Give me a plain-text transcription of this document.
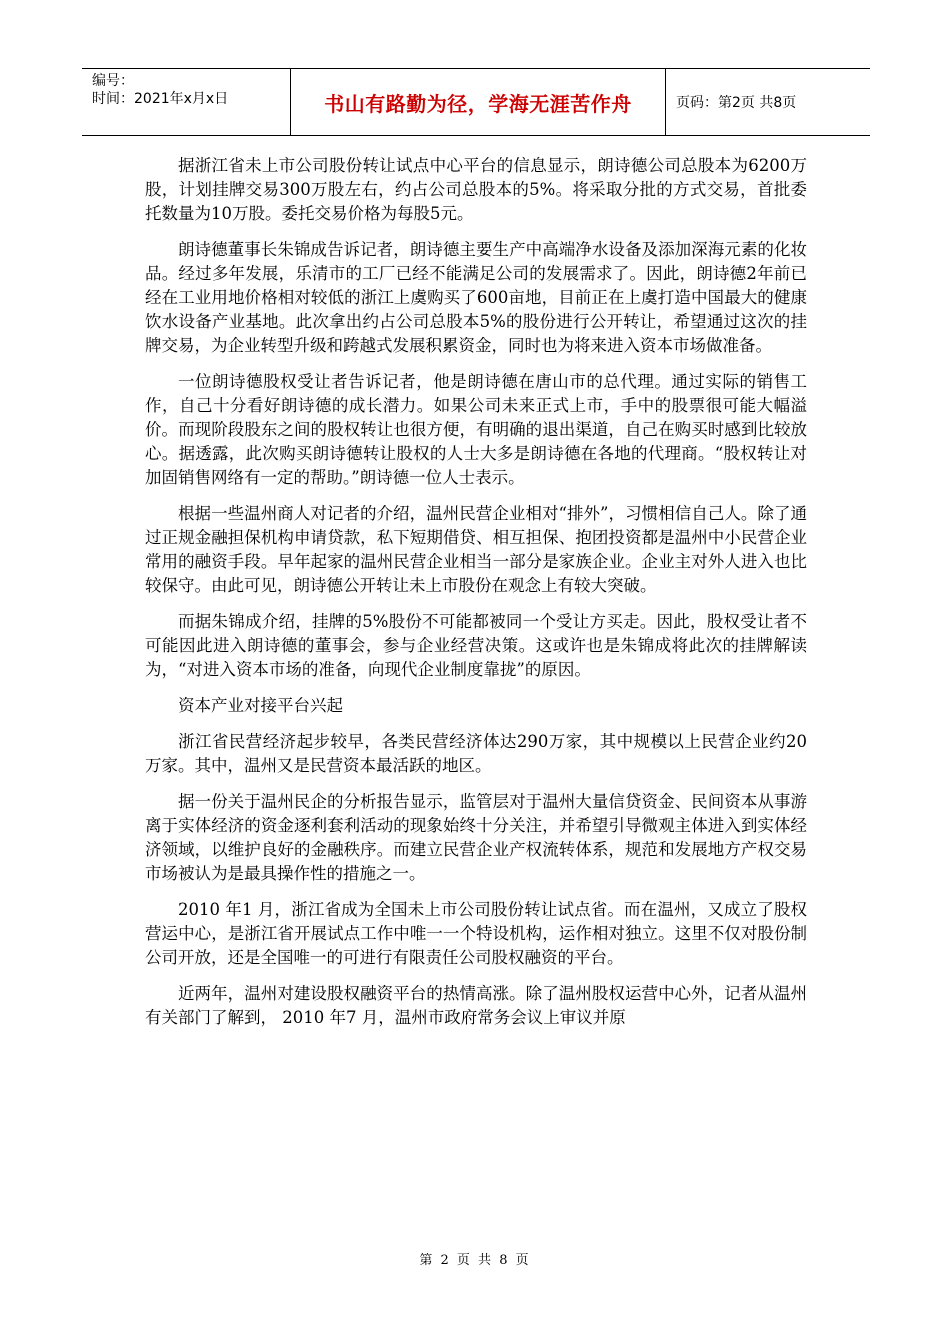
编号：
时间：2021年x月x日	书山有路勤为径，学海无涯苦作舟	页码：第2页 共8页

据浙江省未上市公司股份转让试点中心平台的信息显示，朗诗德公司总股本为6200万股，计划挂牌交易300万股左右，约占公司总股本的5%。将采取分批的方式交易，首批委托数量为10万股。委托交易价格为每股5元。

朗诗德董事长朱锦成告诉记者，朗诗德主要生产中高端净水设备及添加深海元素的化妆品。经过多年发展，乐清市的工厂已经不能满足公司的发展需求了。因此，朗诗德2年前已经在工业用地价格相对较低的浙江上虞购买了600亩地，目前正在上虞打造中国最大的健康饮水设备产业基地。此次拿出约占公司总股本5%的股份进行公开转让，希望通过这次的挂牌交易，为企业转型升级和跨越式发展积累资金，同时也为将来进入资本市场做准备。

一位朗诗德股权受让者告诉记者，他是朗诗德在唐山市的总代理。通过实际的销售工作，自己十分看好朗诗德的成长潜力。如果公司未来正式上市，手中的股票很可能大幅溢价。而现阶段股东之间的股权转让也很方便，有明确的退出渠道，自己在购买时感到比较放心。据透露，此次购买朗诗德转让股权的人士大多是朗诗德在各地的代理商。“股权转让对加固销售网络有一定的帮助。”朗诗德一位人士表示。

根据一些温州商人对记者的介绍，温州民营企业相对“排外”，习惯相信自己人。除了通过正规金融担保机构申请贷款，私下短期借贷、相互担保、抱团投资都是温州中小民营企业常用的融资手段。早年起家的温州民营企业相当一部分是家族企业。企业主对外人进入也比较保守。由此可见，朗诗德公开转让未上市股份在观念上有较大突破。

而据朱锦成介绍，挂牌的5%股份不可能都被同一个受让方买走。因此，股权受让者不可能因此进入朗诗德的董事会，参与企业经营决策。这或许也是朱锦成将此次的挂牌解读为，“对进入资本市场的准备，向现代企业制度靠拢”的原因。

资本产业对接平台兴起

浙江省民营经济起步较早，各类民营经济体达290万家，其中规模以上民营企业约20万家。其中，温州又是民营资本最活跃的地区。

据一份关于温州民企的分析报告显示，监管层对于温州大量信贷资金、民间资本从事游离于实体经济的资金逐利套利活动的现象始终十分关注，并希望引导微观主体进入到实体经济领域，以维护良好的金融秩序。而建立民营企业产权流转体系，规范和发展地方产权交易市场被认为是最具操作性的措施之一。

2010 年1 月，浙江省成为全国未上市公司股份转让试点省。而在温州，又成立了股权营运中心，是浙江省开展试点工作中唯一一个特设机构，运作相对独立。这里不仅对股份制公司开放，还是全国唯一的可进行有限责任公司股权融资的平台。

近两年，温州对建设股权融资平台的热情高涨。除了温州股权运营中心外，记者从温州有关部门了解到， 2010 年7 月，温州市政府常务会议上审议并原

第 2 页 共 8 页
